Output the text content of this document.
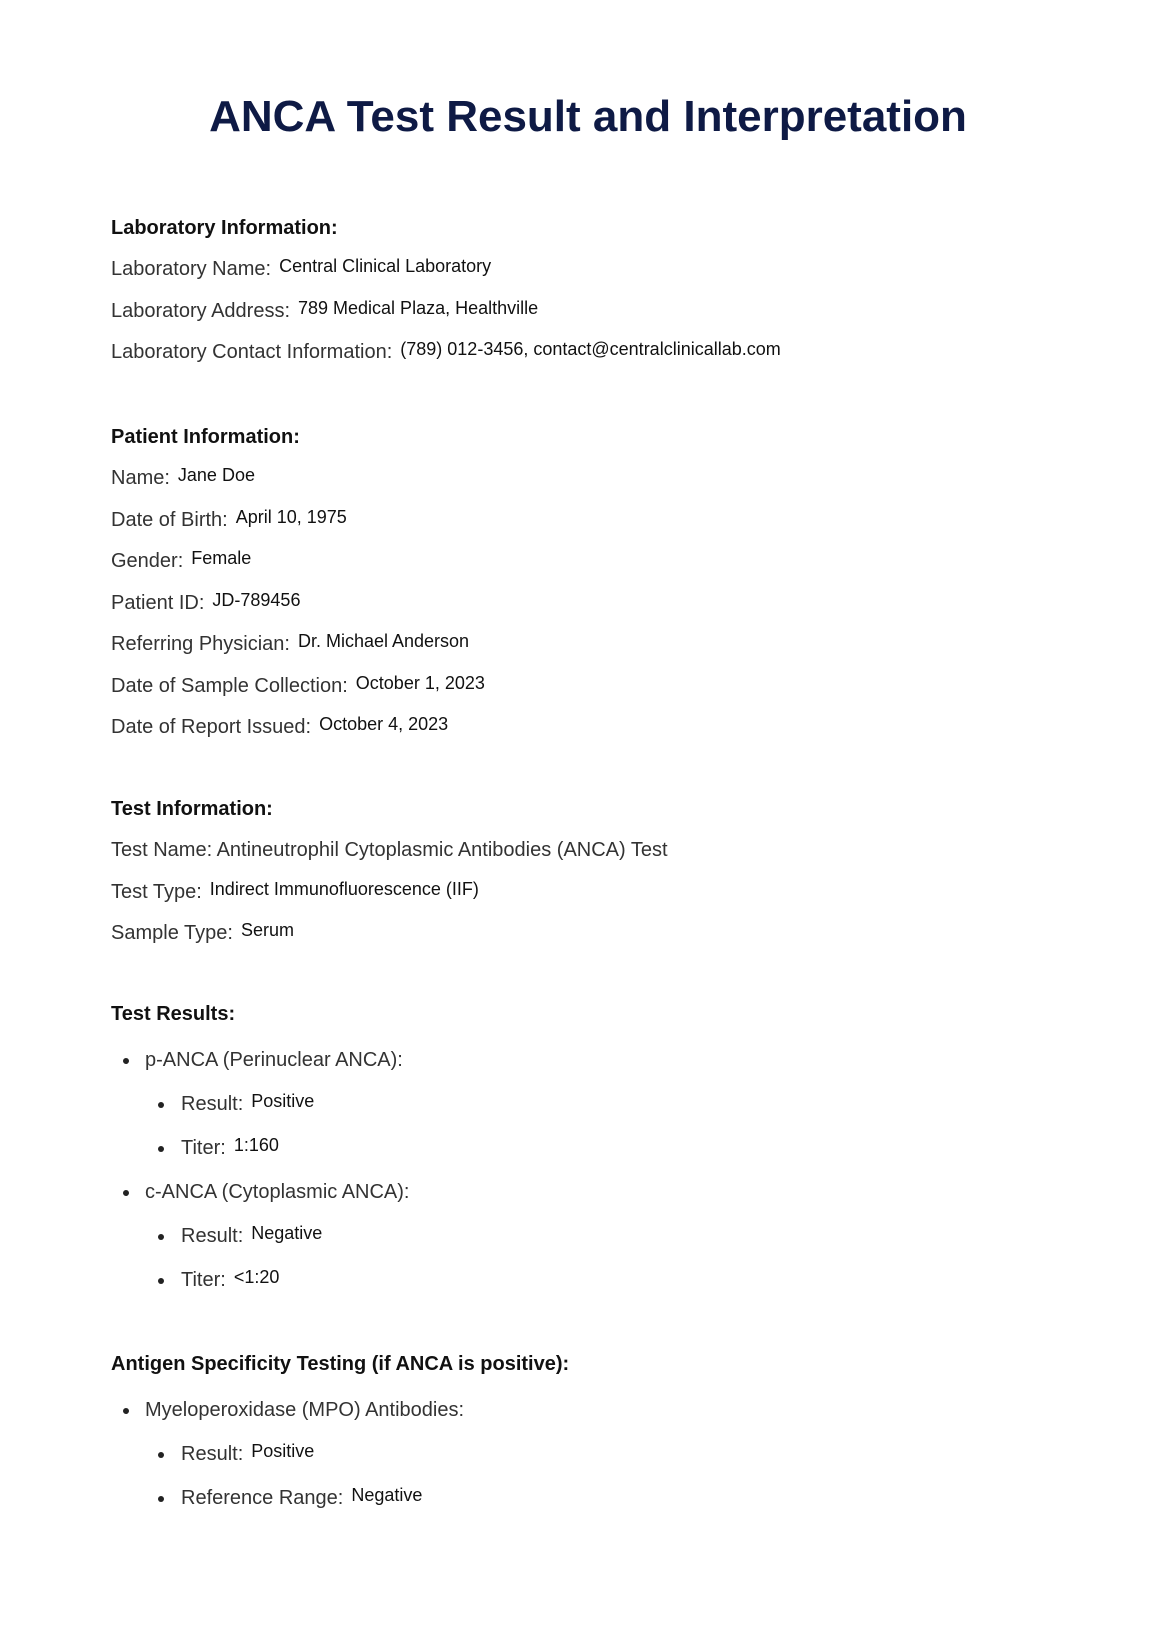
ANCA Test Result and Interpretation
Laboratory Information:
Laboratory Name: Central Clinical Laboratory
Laboratory Address: 789 Medical Plaza, Healthville
Laboratory Contact Information: (789) 012-3456, contact@centralclinicallab.com
Patient Information:
Name: Jane Doe
Date of Birth: April 10, 1975
Gender: Female
Patient ID: JD-789456
Referring Physician: Dr. Michael Anderson
Date of Sample Collection: October 1, 2023
Date of Report Issued: October 4, 2023
Test Information:
Test Name: Antineutrophil Cytoplasmic Antibodies (ANCA) Test
Test Type: Indirect Immunofluorescence (IIF)
Sample Type: Serum
Test Results:
p-ANCA (Perinuclear ANCA):
Result: Positive
Titer: 1:160
c-ANCA (Cytoplasmic ANCA):
Result: Negative
Titer: <1:20
Antigen Specificity Testing (if ANCA is positive):
Myeloperoxidase (MPO) Antibodies:
Result: Positive
Reference Range: Negative
